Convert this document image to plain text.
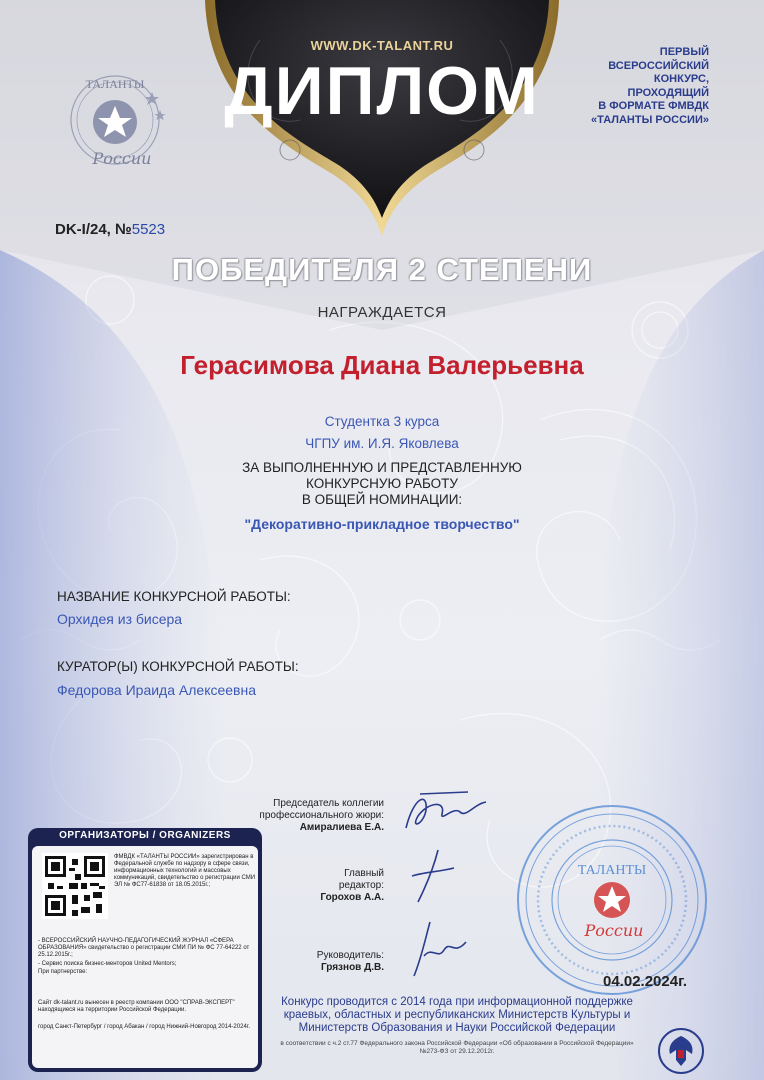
WWW.DK-TALANT.RU
ДИПЛОМ
ПЕРВЫЙ
ВСЕРОССИЙСКИЙ
КОНКУРС,
ПРОХОДЯЩИЙ
В ФОРМАТЕ ФМВДК
«ТАЛАНТЫ РОССИИ»
ТАЛАНТЫ
России
DK-I/24, №5523
ПОБЕДИТЕЛЯ 2 СТЕПЕНИ
НАГРАЖДАЕТСЯ
Герасимова Диана Валерьевна
Студентка 3 курса
ЧГПУ им. И.Я. Яковлева
ЗА ВЫПОЛНЕННУЮ И ПРЕДСТАВЛЕННУЮ
КОНКУРСНУЮ РАБОТУ
В ОБЩЕЙ НОМИНАЦИИ:
"Декоративно-прикладное творчество"
НАЗВАНИЕ КОНКУРСНОЙ РАБОТЫ:
Орхидея из бисера
КУРАТОР(Ы) КОНКУРСНОЙ РАБОТЫ:
Федорова Ираида Алексеевна
Председатель коллегии
профессионального жюри:
Амиралиева Е.А.
Главный
редактор:
Горохов А.А.
Руководитель:
Грязнов Д.В.
ОРГАНИЗАТОРЫ / ORGANIZERS
ФМВДК «ТАЛАНТЫ РОССИИ» зарегистрирован в Федеральной службе по надзору в сфере связи, информационных технологий и массовых коммуникаций, свидетельство о регистрации СМИ ЭЛ № ФС77-61838 от 18.05.2015г.;
- ВСЕРОССИЙСКИЙ НАУЧНО-ПЕДАГОГИЧЕСКИЙ ЖУРНАЛ «СФЕРА ОБРАЗОВАНИЯ» свидетельство о регистрации СМИ ПИ № ФС 77-64222 от 25.12.2015г.;
- Сервис поиска бизнес-менторов United Mentors;
При партнерстве:
Сайт dk-talant.ru вынесен в реестр компании ООО "СПРАВ-ЭКСПЕРТ" находящиеся на территории Российской Федерации.
город Санкт-Петербург / город Абакан / город Нижний-Новгород 2014-2024г.
ТАЛАНТЫ
России
04.02.2024г.
Конкурс проводится с 2014 года при информационной поддержке краевых, областных и республиканских Министерств Культуры и Министерств Образования и Науки Российской Федерации
в соответствии с ч.2 ст.77 Федерального закона Российской Федерации «Об образовании в Российской Федерации» №273-ФЗ от 29.12.2012г.
